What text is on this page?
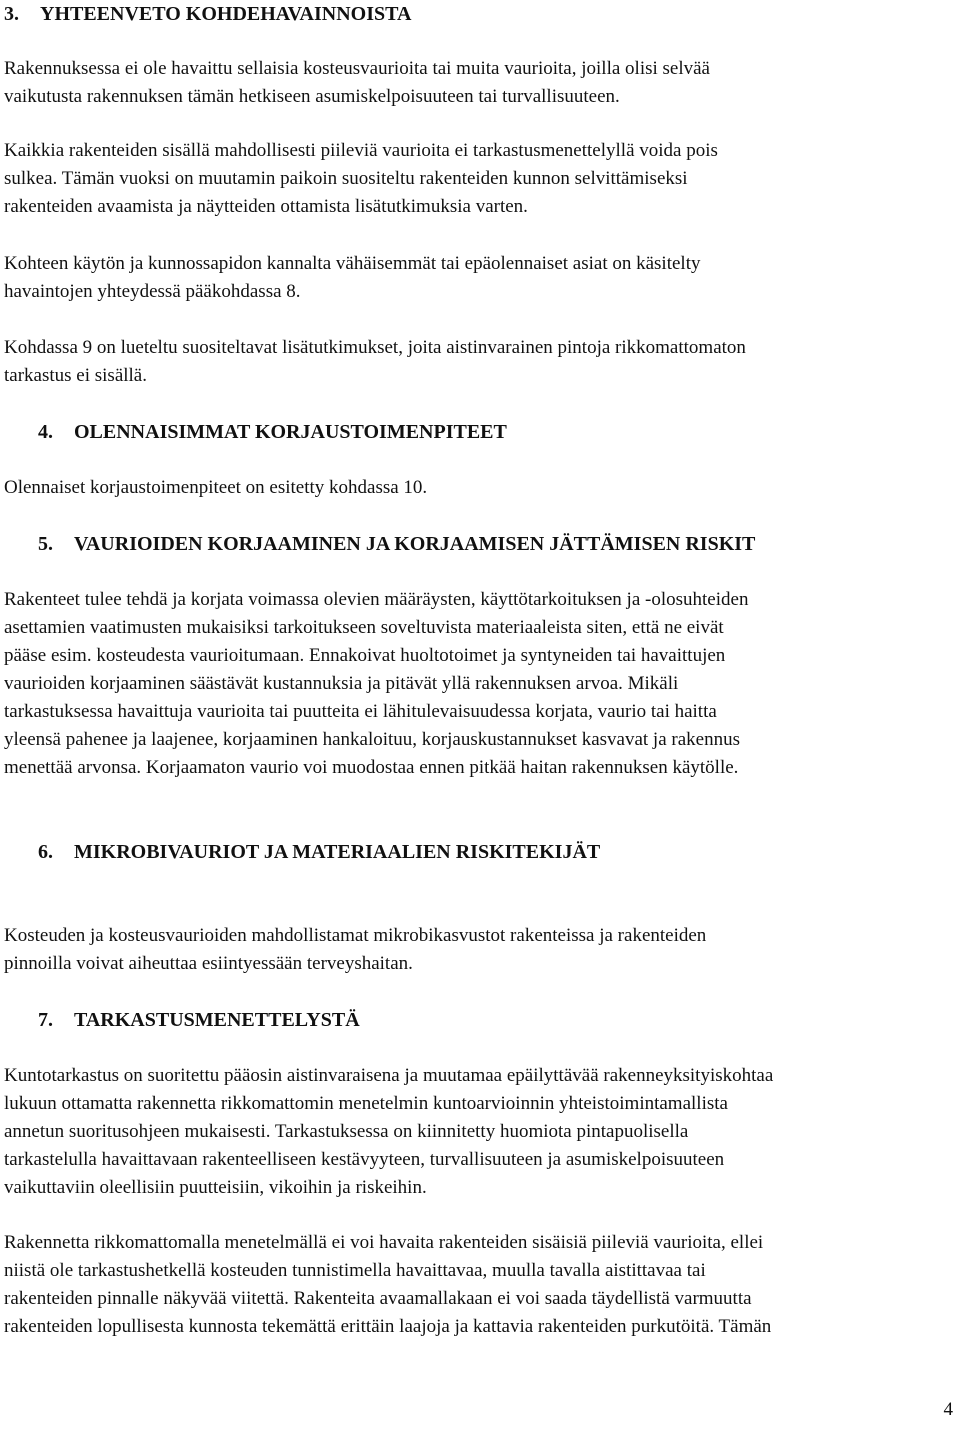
3. YHTEENVETO KOHDEHAVAINNOISTA
Rakennuksessa ei ole havaittu sellaisia kosteusvaurioita tai muita vaurioita, joilla olisi selvää
vaikutusta rakennuksen tämän hetkiseen asumiskelpoisuuteen tai turvallisuuteen.
Kaikkia rakenteiden sisällä mahdollisesti piileviä vaurioita ei tarkastusmenettelyllä voida pois
sulkea. Tämän vuoksi on muutamin paikoin suositeltu rakenteiden kunnon selvittämiseksi
rakenteiden avaamista ja näytteiden ottamista lisätutkimuksia varten.
Kohteen käytön ja kunnossapidon kannalta vähäisemmät tai epäolennaiset asiat on käsitelty
havaintojen yhteydessä pääkohdassa 8.
Kohdassa 9 on lueteltu suositeltavat lisätutkimukset, joita aistinvarainen pintoja rikkomattomaton
tarkastus ei sisällä.
4. OLENNAISIMMAT KORJAUSTOIMENPITEET
Olennaiset korjaustoimenpiteet on esitetty kohdassa 10.
5. VAURIOIDEN KORJAAMINEN JA KORJAAMISEN JÄTTÄMISEN RISKIT
Rakenteet tulee tehdä ja korjata voimassa olevien määräysten, käyttötarkoituksen ja -olosuhteiden
asettamien vaatimusten mukaisiksi tarkoitukseen soveltuvista materiaaleista siten, että ne eivät
pääse esim. kosteudesta vaurioitumaan. Ennakoivat huoltotoimet ja syntyneiden tai havaittujen
vaurioiden korjaaminen säästävät kustannuksia ja pitävät yllä rakennuksen arvoa. Mikäli
tarkastuksessa havaittuja vaurioita tai puutteita ei lähitulevaisuudessa korjata, vaurio tai haitta
yleensä pahenee ja laajenee, korjaaminen hankaloituu, korjauskustannukset kasvavat ja rakennus
menettää arvonsa. Korjaamaton vaurio voi muodostaa ennen pitkää haitan rakennuksen käytölle.
6. MIKROBIVAURIOT JA MATERIAALIEN RISKITEKIJÄT
Kosteuden ja kosteusvaurioiden mahdollistamat mikrobikasvustot rakenteissa ja rakenteiden
pinnoilla voivat aiheuttaa esiintyessään terveyshaitan.
7. TARKASTUSMENETTELYSTÄ
Kuntotarkastus on suoritettu pääosin aistinvaraisena ja muutamaa epäilyttävää rakenneyksityiskohtaa
lukuun ottamatta rakennetta rikkomattomin menetelmin kuntoarvioinnin yhteistoimintamallista
annetun suoritusohjeen mukaisesti. Tarkastuksessa on kiinnitetty huomiota pintapuolisella
tarkastelulla havaittavaan rakenteelliseen kestävyyteen, turvallisuuteen ja asumiskelpoisuuteen
vaikuttaviin oleellisiin puutteisiin, vikoihin ja riskeihin.
Rakennetta rikkomattomalla menetelmällä ei voi havaita rakenteiden sisäisiä piileviä vaurioita, ellei
niistä ole tarkastushetkellä kosteuden tunnistimella havaittavaa, muulla tavalla aistittavaa tai
rakenteiden pinnalle näkyvää viitettä. Rakenteita avaamallakaan ei voi saada täydellistä varmuutta
rakenteiden lopullisesta kunnosta tekemättä erittäin laajoja ja kattavia rakenteiden purkutöitä. Tämän
4
